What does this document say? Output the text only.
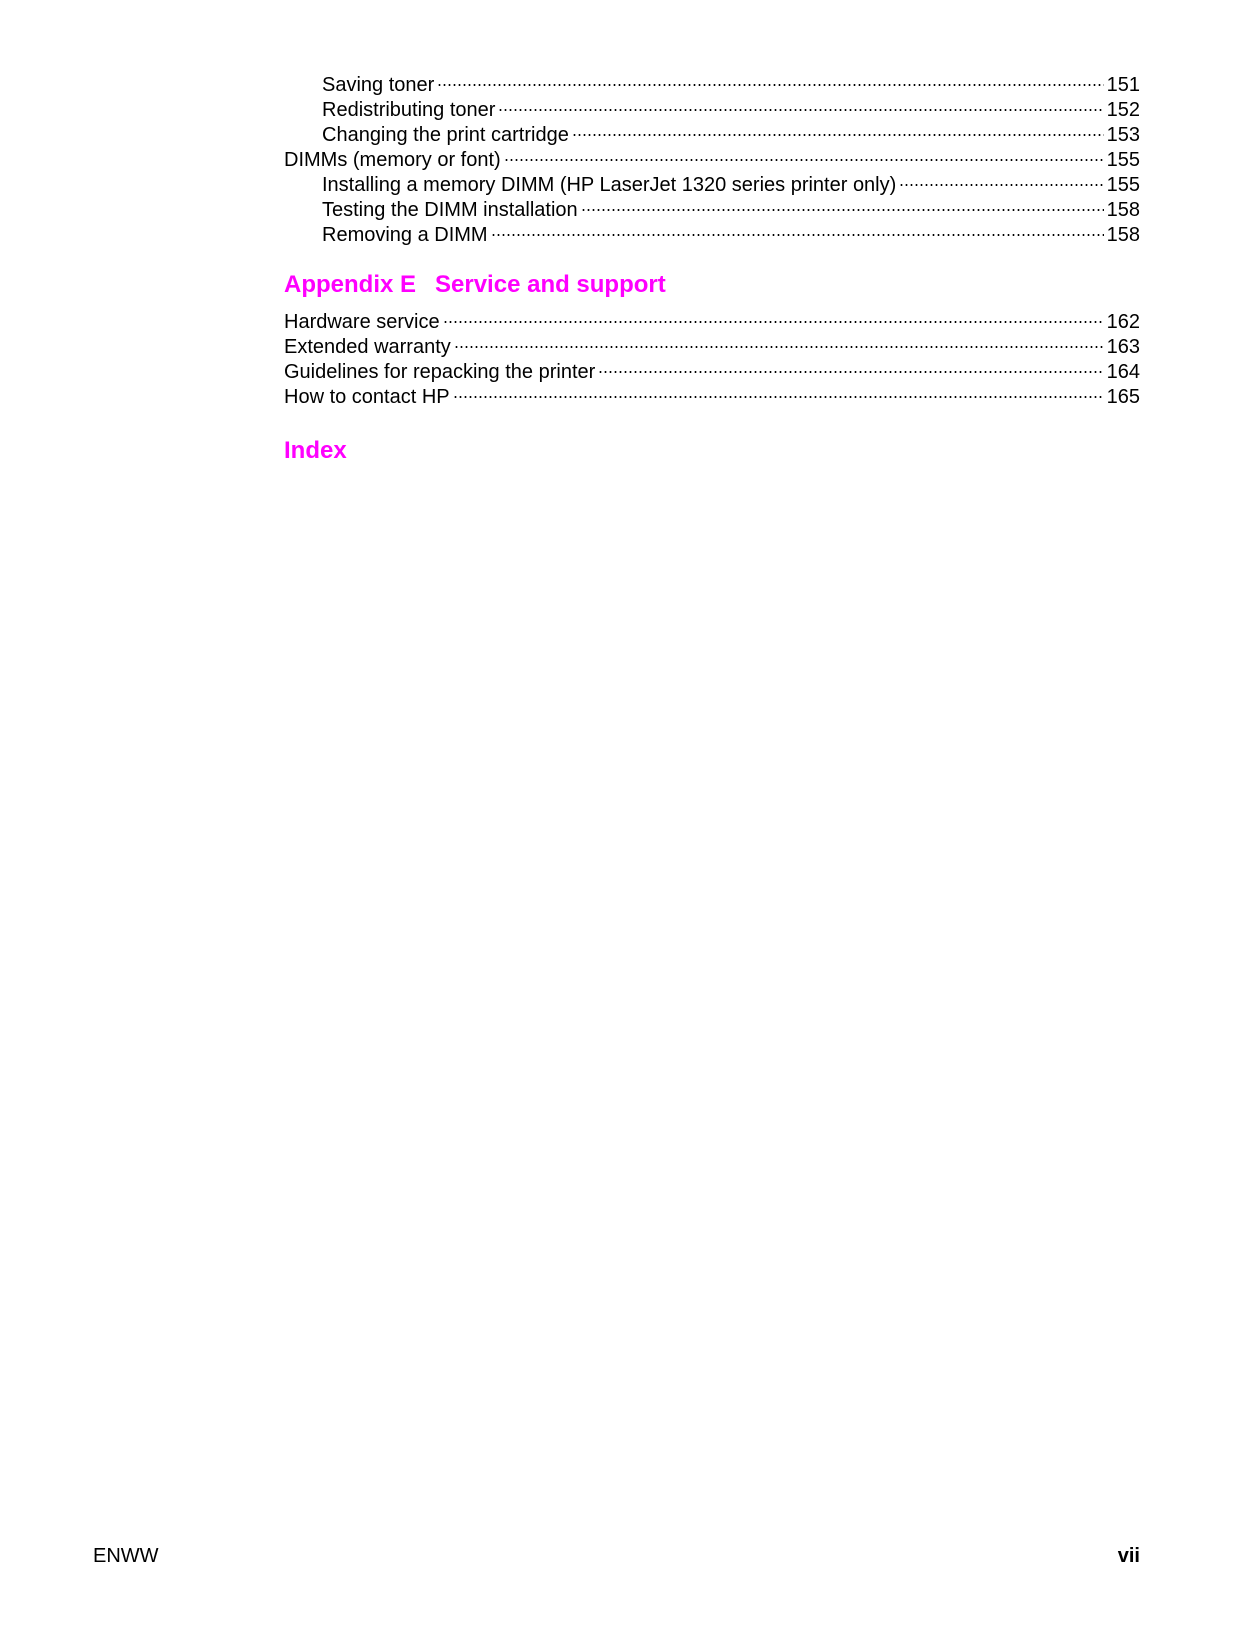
Saving toner	151
Redistributing toner	152
Changing the print cartridge	153
DIMMs (memory or font)	155
Installing a memory DIMM (HP LaserJet 1320 series printer only)	155
Testing the DIMM installation	158
Removing a DIMM	158
Appendix E Service and support
Hardware service	162
Extended warranty	163
Guidelines for repacking the printer	164
How to contact HP	165
Index
ENWW	vii
